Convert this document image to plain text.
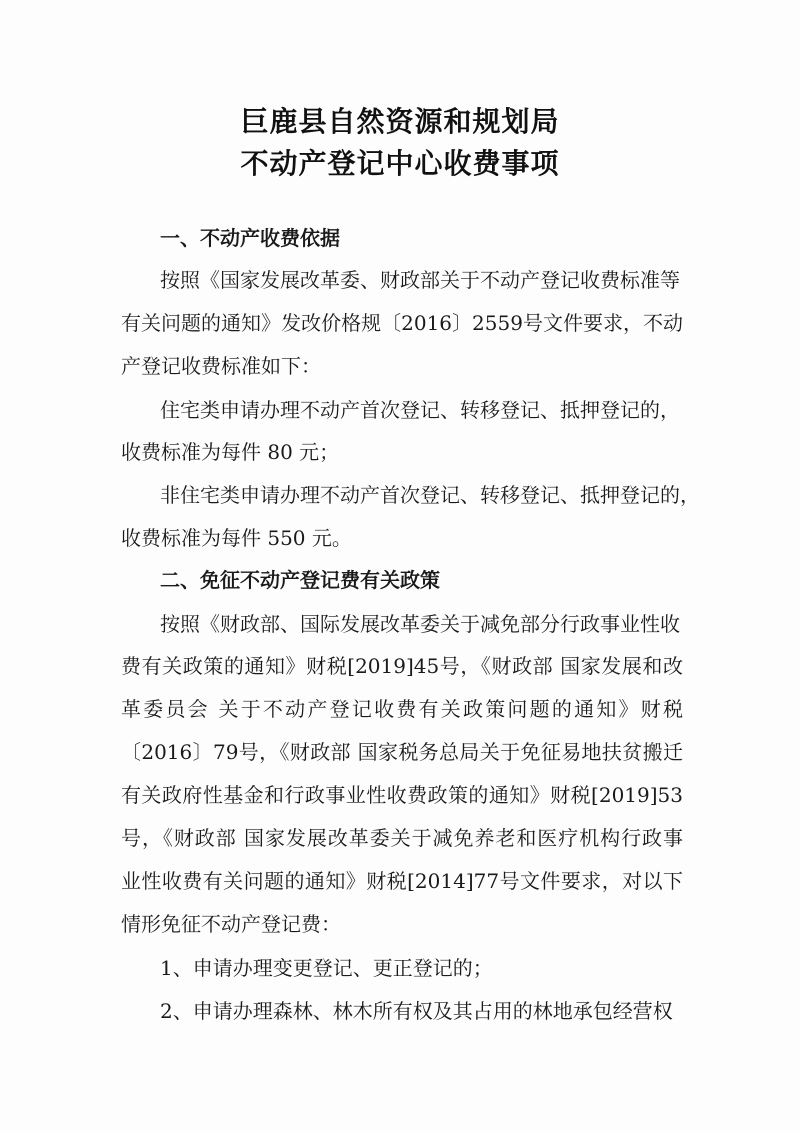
巨鹿县自然资源和规划局
不动产登记中心收费事项
一、不动产收费依据
按照《国家发展改革委、财政部关于不动产登记收费标准等
有关问题的通知》发改价格规〔2016〕2559号文件要求，不动
产登记收费标准如下：
住宅类申请办理不动产首次登记、转移登记、抵押登记的，
收费标准为每件 80 元；
非住宅类申请办理不动产首次登记、转移登记、抵押登记的，
收费标准为每件 550 元。
二、免征不动产登记费有关政策
按照《财政部、国际发展改革委关于减免部分行政事业性收
费有关政策的通知》财税[2019]45号，《财政部 国家发展和改
革委员会 关于不动产登记收费有关政策问题的通知》财税
〔2016〕79号，《财政部 国家税务总局关于免征易地扶贫搬迁
有关政府性基金和行政事业性收费政策的通知》财税[2019]53
号，《财政部 国家发展改革委关于减免养老和医疗机构行政事
业性收费有关问题的通知》财税[2014]77号文件要求，对以下
情形免征不动产登记费：
1、申请办理变更登记、更正登记的；
2、申请办理森林、林木所有权及其占用的林地承包经营权
